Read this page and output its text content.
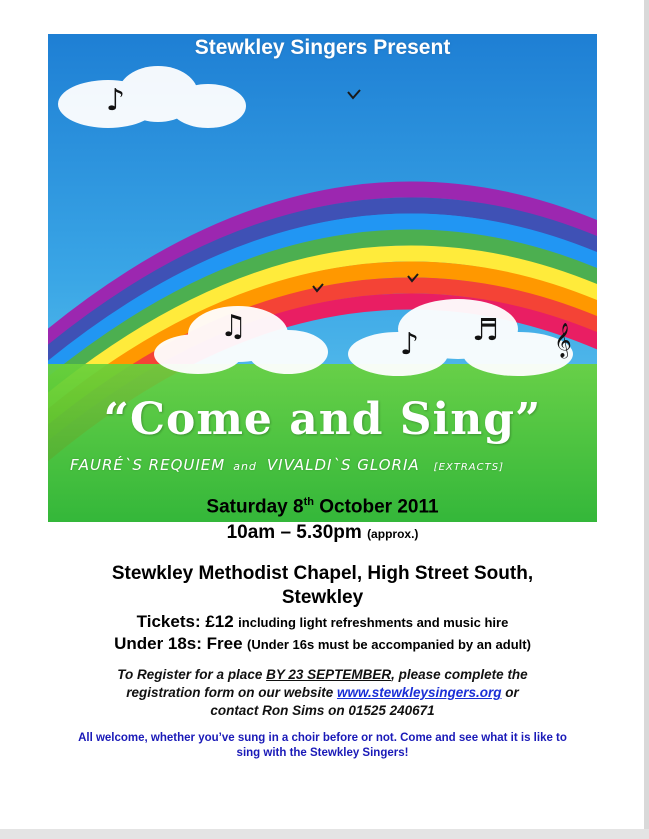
Stewkley Singers Present
♪
♫
♪ ♬ 𝄞
“Come and Sing”
FAURÉ`S REQUIEM and VIVALDI`S GLORIA [EXTRACTS]
Saturday 8th October 2011
10am – 5.30pm (approx.)
Stewkley Methodist Chapel, High Street South,
Stewkley
Tickets: £12 including light refreshments and music hire
Under 18s: Free (Under 16s must be accompanied by an adult)
To Register for a place BY 23 SEPTEMBER, please complete the
registration form on our website www.stewkleysingers.org or
contact Ron Sims on 01525 240671
All welcome, whether you’ve sung in a choir before or not. Come and see what it is like to sing with the Stewkley Singers!
